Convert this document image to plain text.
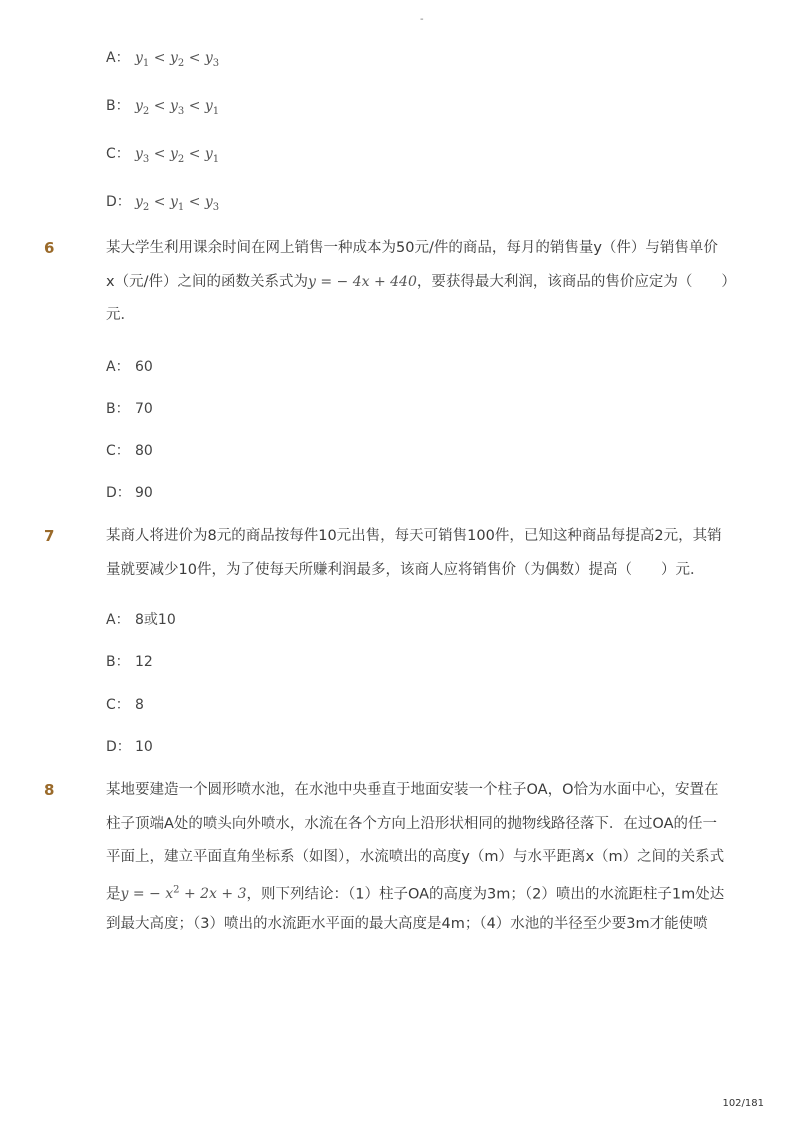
-
A： $y_1 < y_2 < y_3$
B： $y_2 < y_3 < y_1$
C： $y_3 < y_2 < y_1$
D： $y_2 < y_1 < y_3$
6	某大学生利用课余时间在网上销售一种成本为50元/件的商品，每月的销售量y（件）与销售单价
x（元/件）之间的函数关系式为y = − 4x + 440，要获得最大利润，该商品的售价应定为（　　）
元．
A： 60
B： 70
C： 80
D： 90
7	某商人将进价为8元的商品按每件10元出售，每天可销售100件，已知这种商品每提高2元，其销
量就要减少10件，为了使每天所赚利润最多，该商人应将销售价（为偶数）提高（　　）元．
A： 8或10
B： 12
C： 8
D： 10
8	某地要建造一个圆形喷水池，在水池中央垂直于地面安装一个柱子OA，O恰为水面中心，安置在
柱子顶端A处的喷头向外喷水，水流在各个方向上沿形状相同的抛物线路径落下．在过OA的任一
平面上，建立平面直角坐标系（如图），水流喷出的高度y（m）与水平距离x（m）之间的关系式
是y = − $x^2 + 2x + 3$，则下列结论：（1）柱子OA的高度为3m；（2）喷出的水流距柱子1m处达
到最大高度；（3）喷出的水流距水平面的最大高度是4m；（4）水池的半径至少要3m才能使喷
102/181
